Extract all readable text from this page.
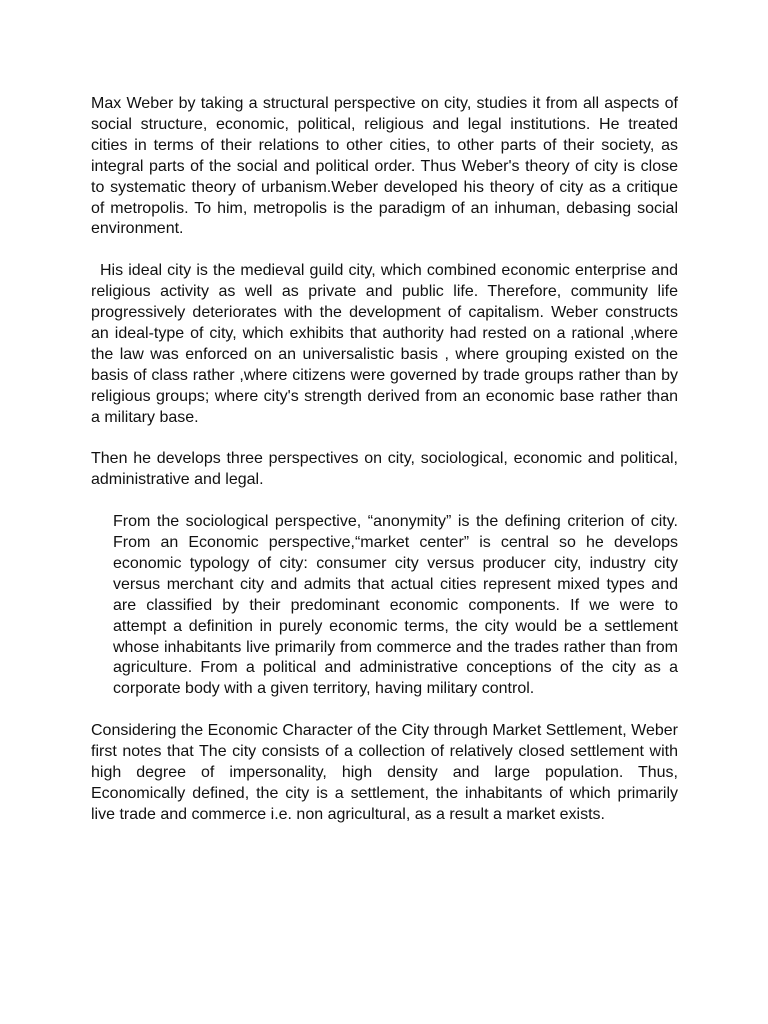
Max Weber by taking a structural perspective on city, studies it from all aspects of social structure, economic, political, religious and legal institutions. He treated cities in terms of their relations to other cities, to other parts of their society, as integral parts of the social and political order. Thus Weber's theory of city is close to systematic theory of urbanism.Weber developed his theory of city as a critique of metropolis. To him, metropolis is the paradigm of an inhuman, debasing social environment.

His ideal city is the medieval guild city, which combined economic enterprise and religious activity as well as private and public life. Therefore, community life progressively deteriorates with the development of capitalism. Weber constructs an ideal-type of city, which exhibits that authority had rested on a rational ,where the law was enforced on an universalistic basis , where grouping existed on the basis of class rather ,where citizens were governed by trade groups rather than by religious groups; where city's strength derived from an economic base rather than a military base.

Then he develops three perspectives on city, sociological, economic and political, administrative and legal.

From the sociological perspective, “anonymity” is the defining criterion of city. From an Economic perspective,“market center” is central so he develops economic typology of city: consumer city versus producer city, industry city versus merchant city and admits that actual cities represent mixed types and are classified by their predominant economic components. If we were to attempt a definition in purely economic terms, the city would be a settlement whose inhabitants live primarily from commerce and the trades rather than from agriculture. From a political and administrative conceptions of the city as a corporate body with a given territory, having military control.

Considering the Economic Character of the City through Market Settlement, Weber first notes that The city consists of a collection of relatively closed settlement with high degree of impersonality, high density and large population. Thus, Economically defined, the city is a settlement, the inhabitants of which primarily live trade and commerce i.e. non agricultural, as a result a market exists.
